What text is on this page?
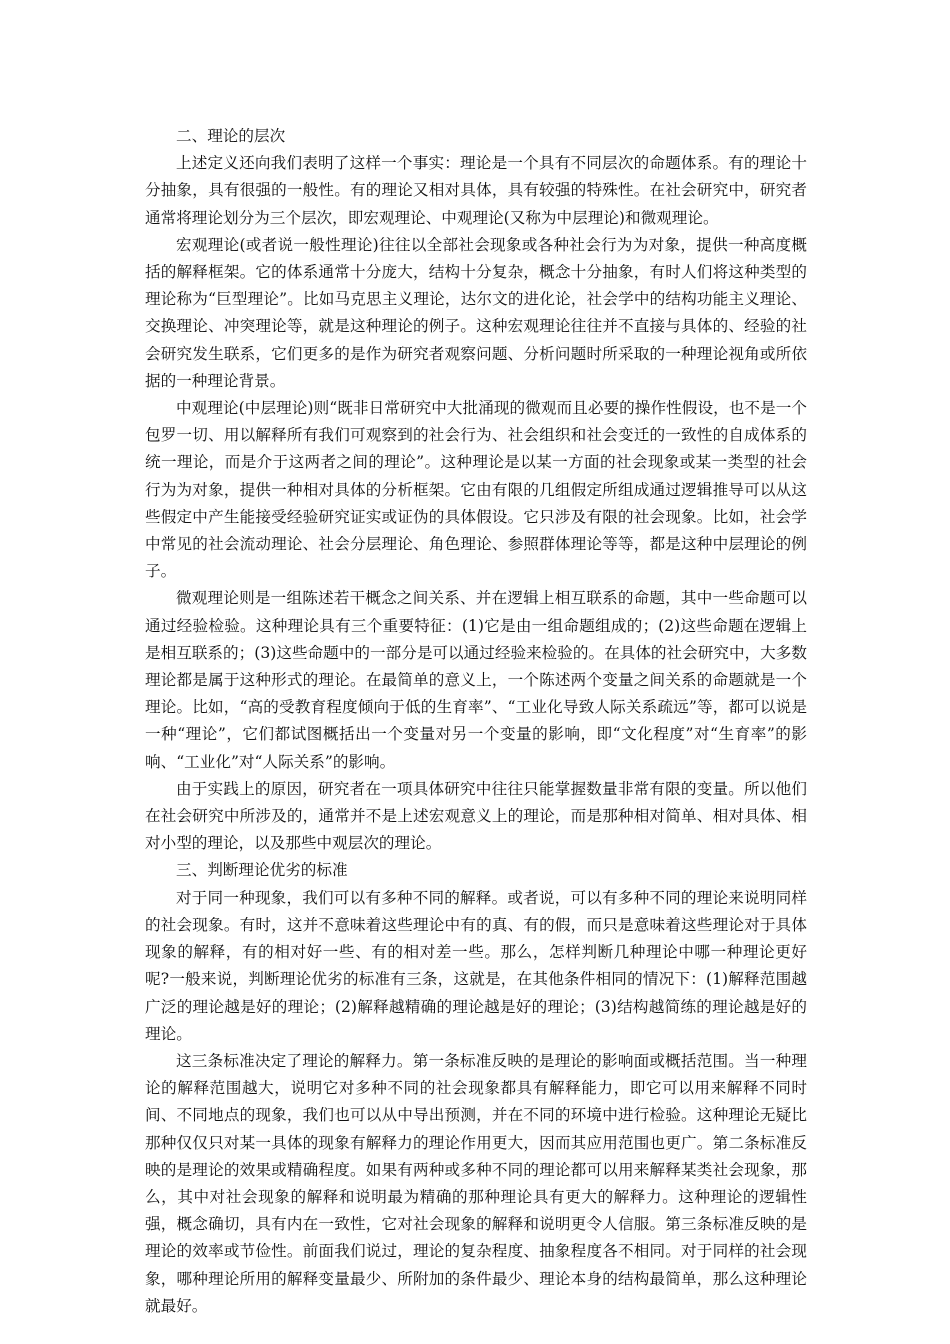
二、理论的层次

上述定义还向我们表明了这样一个事实：理论是一个具有不同层次的命题体系。有的理论十分抽象，具有很强的一般性。有的理论又相对具体，具有较强的特殊性。在社会研究中，研究者通常将理论划分为三个层次，即宏观理论、中观理论(又称为中层理论)和微观理论。

宏观理论(或者说一般性理论)往往以全部社会现象或各种社会行为为对象，提供一种高度概括的解释框架。它的体系通常十分庞大，结构十分复杂，概念十分抽象，有时人们将这种类型的理论称为“巨型理论”。比如马克思主义理论，达尔文的进化论，社会学中的结构功能主义理论、交换理论、冲突理论等，就是这种理论的例子。这种宏观理论往往并不直接与具体的、经验的社会研究发生联系，它们更多的是作为研究者观察问题、分析问题时所采取的一种理论视角或所依据的一种理论背景。

中观理论(中层理论)则“既非日常研究中大批涌现的微观而且必要的操作性假设，也不是一个包罗一切、用以解释所有我们可观察到的社会行为、社会组织和社会变迁的一致性的自成体系的统一理论，而是介于这两者之间的理论”。这种理论是以某一方面的社会现象或某一类型的社会行为为对象，提供一种相对具体的分析框架。它由有限的几组假定所组成通过逻辑推导可以从这些假定中产生能接受经验研究证实或证伪的具体假设。它只涉及有限的社会现象。比如，社会学中常见的社会流动理论、社会分层理论、角色理论、参照群体理论等等，都是这种中层理论的例子。

微观理论则是一组陈述若干概念之间关系、并在逻辑上相互联系的命题，其中一些命题可以通过经验检验。这种理论具有三个重要特征：(1)它是由一组命题组成的；(2)这些命题在逻辑上是相互联系的；(3)这些命题中的一部分是可以通过经验来检验的。在具体的社会研究中，大多数理论都是属于这种形式的理论。在最简单的意义上，一个陈述两个变量之间关系的命题就是一个理论。比如，“高的受教育程度倾向于低的生育率”、“工业化导致人际关系疏远”等，都可以说是一种“理论”，它们都试图概括出一个变量对另一个变量的影响，即“文化程度”对“生育率”的影响、“工业化”对“人际关系”的影响。

由于实践上的原因，研究者在一项具体研究中往往只能掌握数量非常有限的变量。所以他们在社会研究中所涉及的，通常并不是上述宏观意义上的理论，而是那种相对简单、相对具体、相对小型的理论，以及那些中观层次的理论。

三、判断理论优劣的标准

对于同一种现象，我们可以有多种不同的解释。或者说，可以有多种不同的理论来说明同样的社会现象。有时，这并不意味着这些理论中有的真、有的假，而只是意味着这些理论对于具体现象的解释，有的相对好一些、有的相对差一些。那么，怎样判断几种理论中哪一种理论更好呢?一般来说，判断理论优劣的标准有三条，这就是，在其他条件相同的情况下：(1)解释范围越广泛的理论越是好的理论；(2)解释越精确的理论越是好的理论；(3)结构越简练的理论越是好的理论。

这三条标准决定了理论的解释力。第一条标准反映的是理论的影响面或概括范围。当一种理论的解释范围越大，说明它对多种不同的社会现象都具有解释能力，即它可以用来解释不同时间、不同地点的现象，我们也可以从中导出预测，并在不同的环境中进行检验。这种理论无疑比那种仅仅只对某一具体的现象有解释力的理论作用更大，因而其应用范围也更广。第二条标准反映的是理论的效果或精确程度。如果有两种或多种不同的理论都可以用来解释某类社会现象，那么，其中对社会现象的解释和说明最为精确的那种理论具有更大的解释力。这种理论的逻辑性强，概念确切，具有内在一致性，它对社会现象的解释和说明更令人信服。第三条标准反映的是理论的效率或节俭性。前面我们说过，理论的复杂程度、抽象程度各不相同。对于同样的社会现象，哪种理论所用的解释变量最少、所附加的条件最少、理论本身的结构最简单，那么这种理论就最好。
